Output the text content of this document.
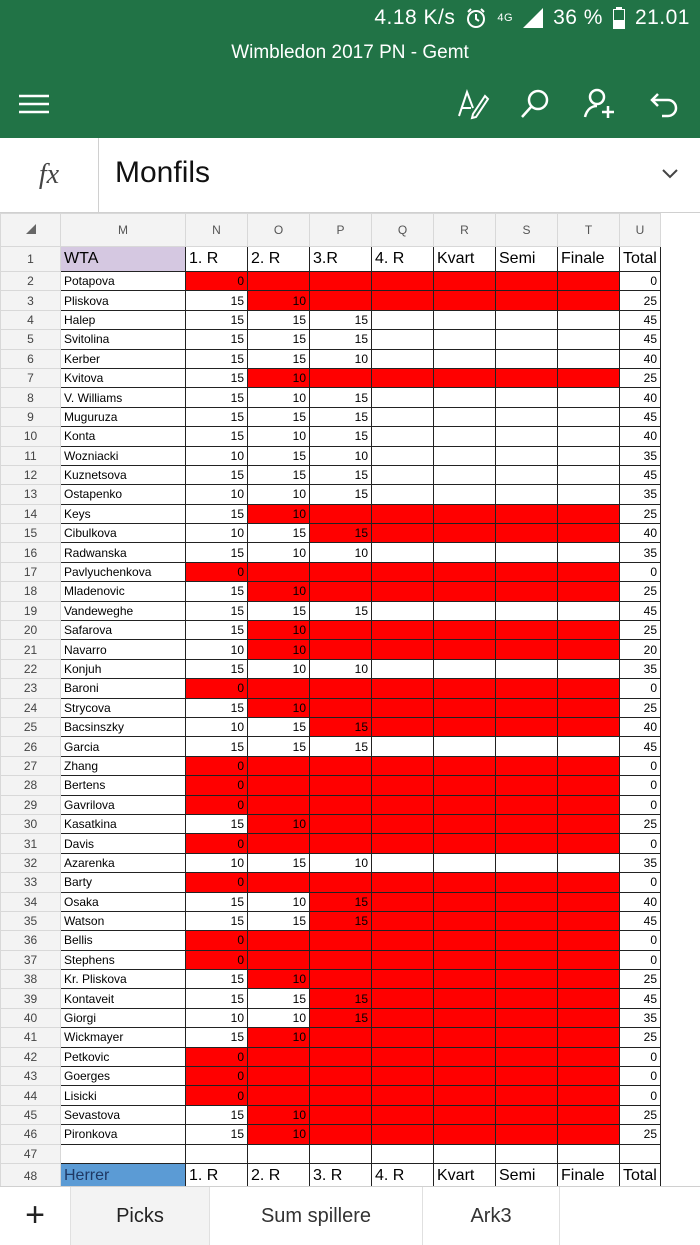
4.18 K/s	4G 36 % 21.01
Wimbledon 2017 PN - Gemt
fx	Monfils
	M	N	O	P	Q	R	S	T	U
1	WTA	1. R	2. R	3.R	4. R	Kvart	Semi	Finale	Total
2	Potapova	0							0
3	Pliskova	15	10						25
4	Halep	15	15	15					45
5	Svitolina	15	15	15					45
6	Kerber	15	15	10					40
7	Kvitova	15	10						25
8	V. Williams	15	10	15					40
9	Muguruza	15	15	15					45
10	Konta	15	10	15					40
11	Wozniacki	10	15	10					35
12	Kuznetsova	15	15	15					45
13	Ostapenko	10	10	15					35
14	Keys	15	10						25
15	Cibulkova	10	15	15					40
16	Radwanska	15	10	10					35
17	Pavlyuchenkova	0							0
18	Mladenovic	15	10						25
19	Vandeweghe	15	15	15					45
20	Safarova	15	10						25
21	Navarro	10	10						20
22	Konjuh	15	10	10					35
23	Baroni	0							0
24	Strycova	15	10						25
25	Bacsinszky	10	15	15					40
26	Garcia	15	15	15					45
27	Zhang	0							0
28	Bertens	0							0
29	Gavrilova	0							0
30	Kasatkina	15	10						25
31	Davis	0							0
32	Azarenka	10	15	10					35
33	Barty	0							0
34	Osaka	15	10	15					40
35	Watson	15	15	15					45
36	Bellis	0							0
37	Stephens	0							0
38	Kr. Pliskova	15	10						25
39	Kontaveit	15	15	15					45
40	Giorgi	10	10	15					35
41	Wickmayer	15	10						25
42	Petkovic	0							0
43	Goerges	0							0
44	Lisicki	0							0
45	Sevastova	15	10						25
46	Pironkova	15	10						25
47									
48	Herrer	1. R	2. R	3. R	4. R	Kvart	Semi	Finale	Total
+	Picks	Sum spillere	Ark3
